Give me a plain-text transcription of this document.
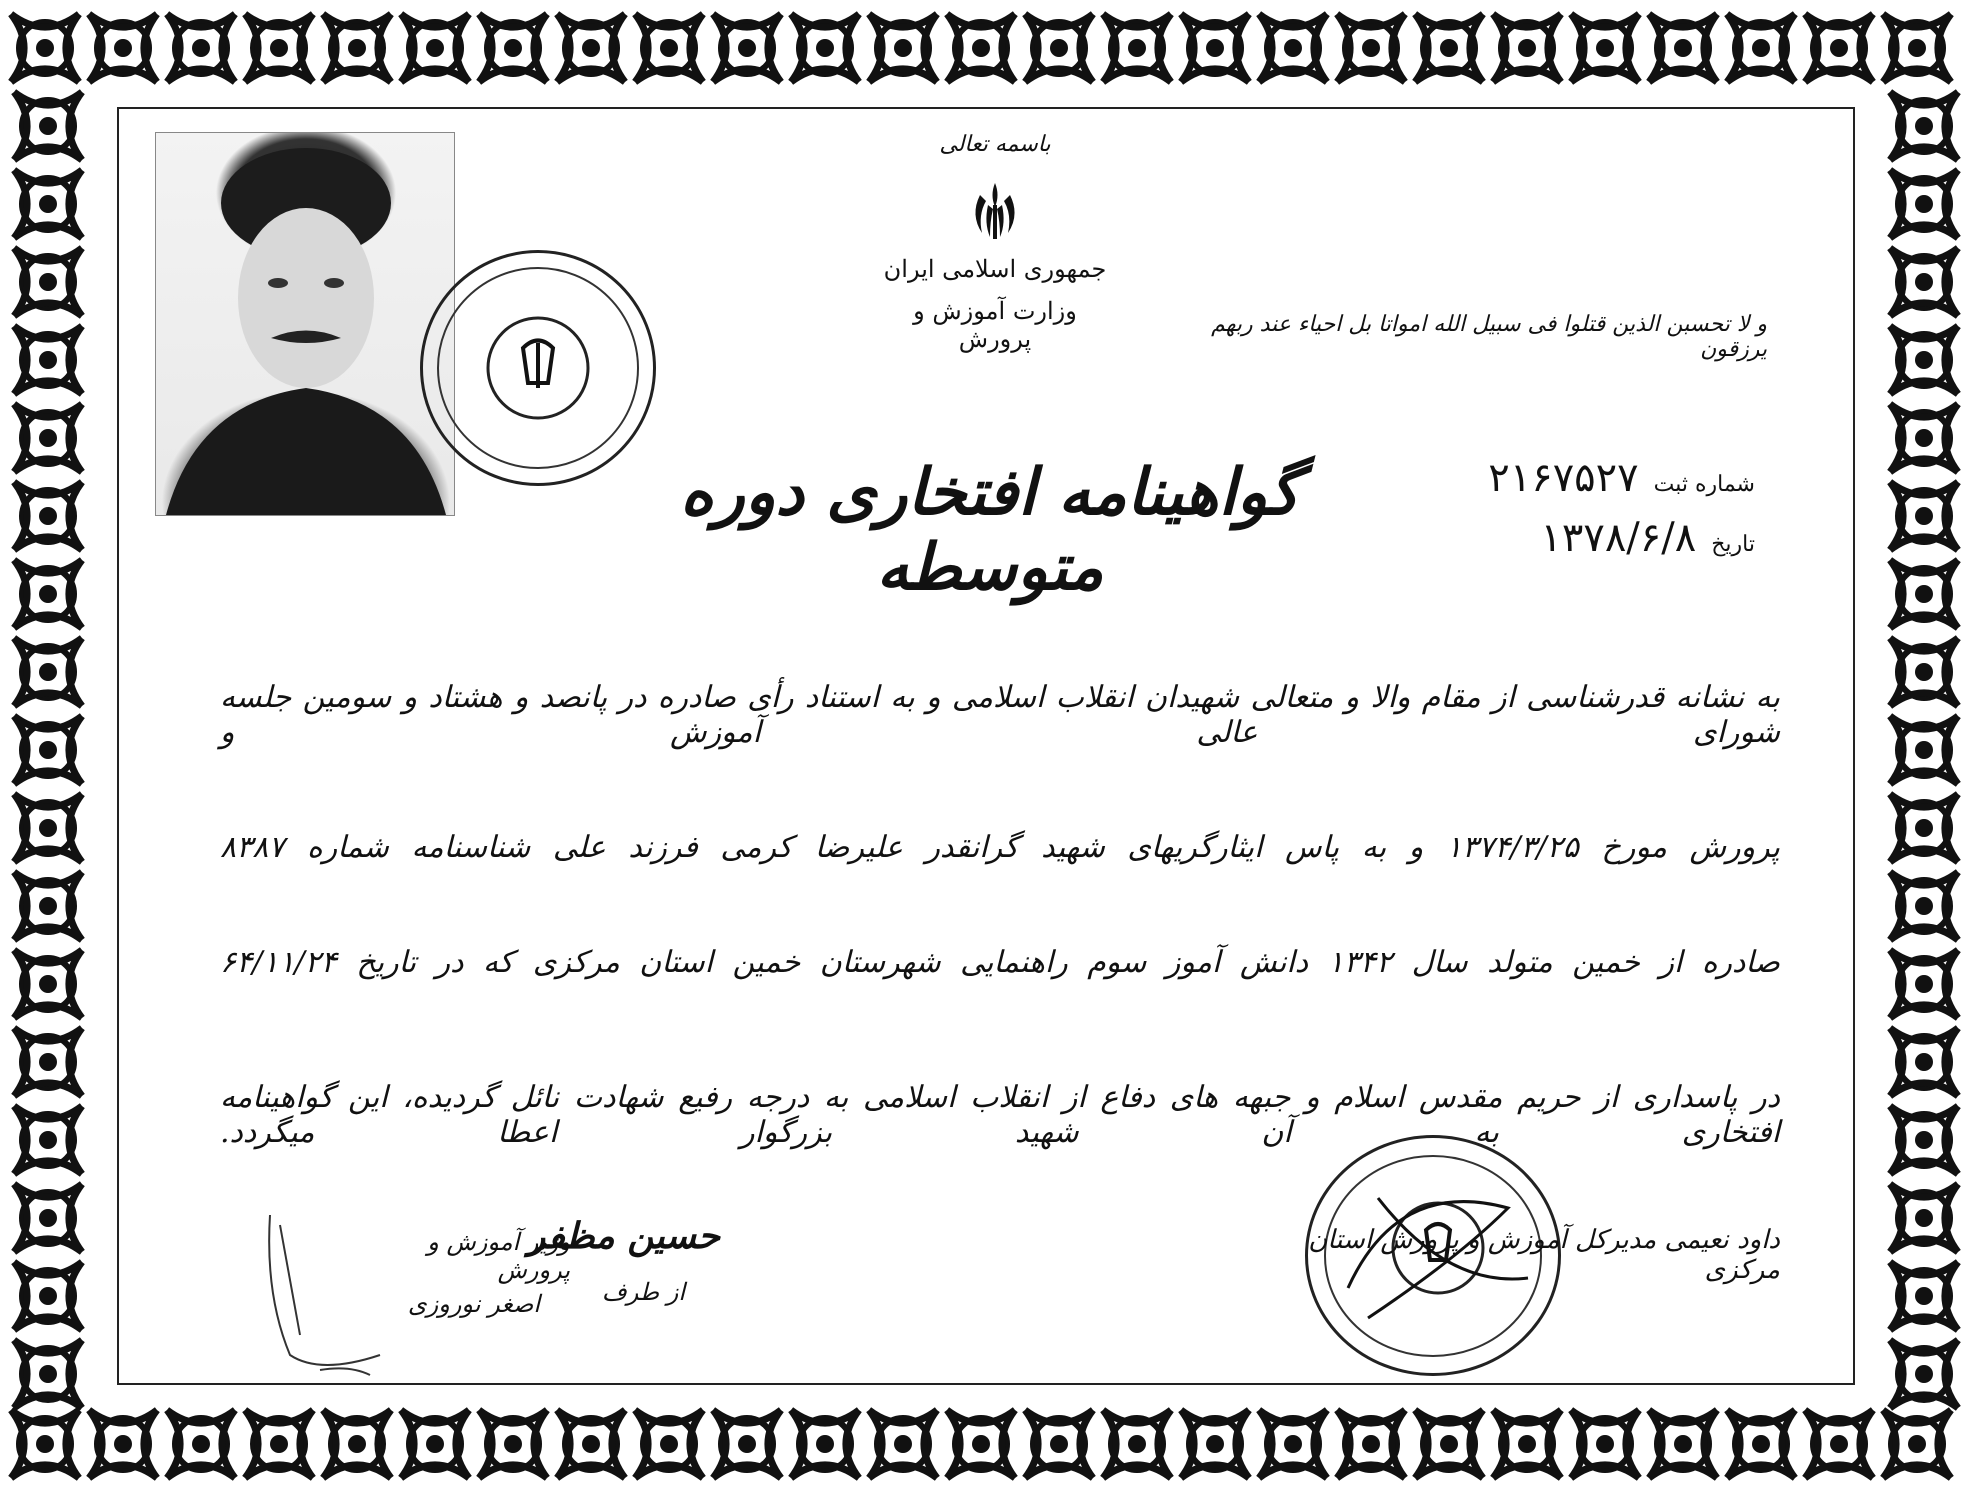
باسمه تعالی
جمهوری اسلامی ایران
وزارت آموزش و پرورش
و لا تحسبن الذین قتلوا فی سبیل الله امواتا بل احیاء عند ربهم یرزقون
گواهینامه افتخاری دوره متوسطه
شماره ثبت ۲۱۶۷۵۲۷
تاریخ ۱۳۷۸/۶/۸
به نشانه قدرشناسی از مقام والا و متعالی شهیدان انقلاب اسلامی و به استناد رأی صادره در پانصد و هشتاد و سومین جلسه شورای عالی آموزش و
پرورش مورخ ۱۳۷۴/۳/۲۵ و به پاس ایثارگریهای شهید گرانقدر علیرضا کرمی فرزند علی شناسنامه شماره ۸۳۸۷
صادره از خمین متولد سال ۱۳۴۲ دانش آموز سوم راهنمایی شهرستان خمین استان مرکزی که در تاریخ ۶۴/۱۱/۲۴
در پاسداری از حریم مقدس اسلام و جبهه های دفاع از انقلاب اسلامی به درجه رفیع شهادت نائل گردیده، این گواهینامه افتخاری به آن شهید بزرگوار اعطا میگردد.
داود نعیمی مدیرکل آموزش و پرورش استان مرکزی
حسین مظفر
وزیر آموزش و پرورش
از طرف
اصغر نوروزی
